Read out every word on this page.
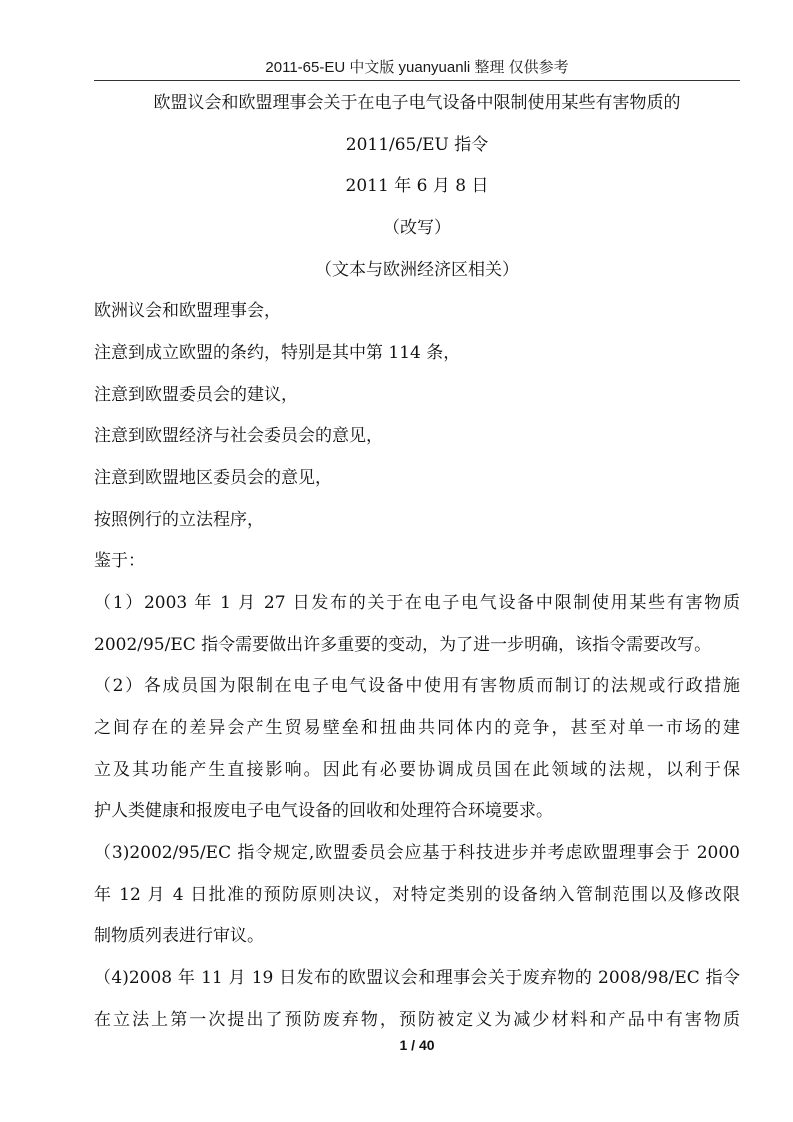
2011-65-EU 中文版 yuanyuanli 整理 仅供参考
欧盟议会和欧盟理事会关于在电子电气设备中限制使用某些有害物质的
2011/65/EU 指令
2011 年 6 月 8 日
（改写）
（文本与欧洲经济区相关）
欧洲议会和欧盟理事会，
注意到成立欧盟的条约，特别是其中第 114 条，
注意到欧盟委员会的建议，
注意到欧盟经济与社会委员会的意见，
注意到欧盟地区委员会的意见，
按照例行的立法程序，
鉴于：
（1）2003 年 1 月 27 日发布的关于在电子电气设备中限制使用某些有害物质
2002/95/EC 指令需要做出许多重要的变动，为了进一步明确，该指令需要改写。
（2）各成员国为限制在电子电气设备中使用有害物质而制订的法规或行政措施
之间存在的差异会产生贸易壁垒和扭曲共同体内的竞争，甚至对单一市场的建
立及其功能产生直接影响。因此有必要协调成员国在此领域的法规，以利于保
护人类健康和报废电子电气设备的回收和处理符合环境要求。
（3)2002/95/EC 指令规定,欧盟委员会应基于科技进步并考虑欧盟理事会于 2000
年 12 月 4 日批准的预防原则决议，对特定类别的设备纳入管制范围以及修改限
制物质列表进行审议。
（4)2008 年 11 月 19 日发布的欧盟议会和理事会关于废弃物的 2008/98/EC 指令
在立法上第一次提出了预防废弃物，预防被定义为减少材料和产品中有害物质
1 / 40
